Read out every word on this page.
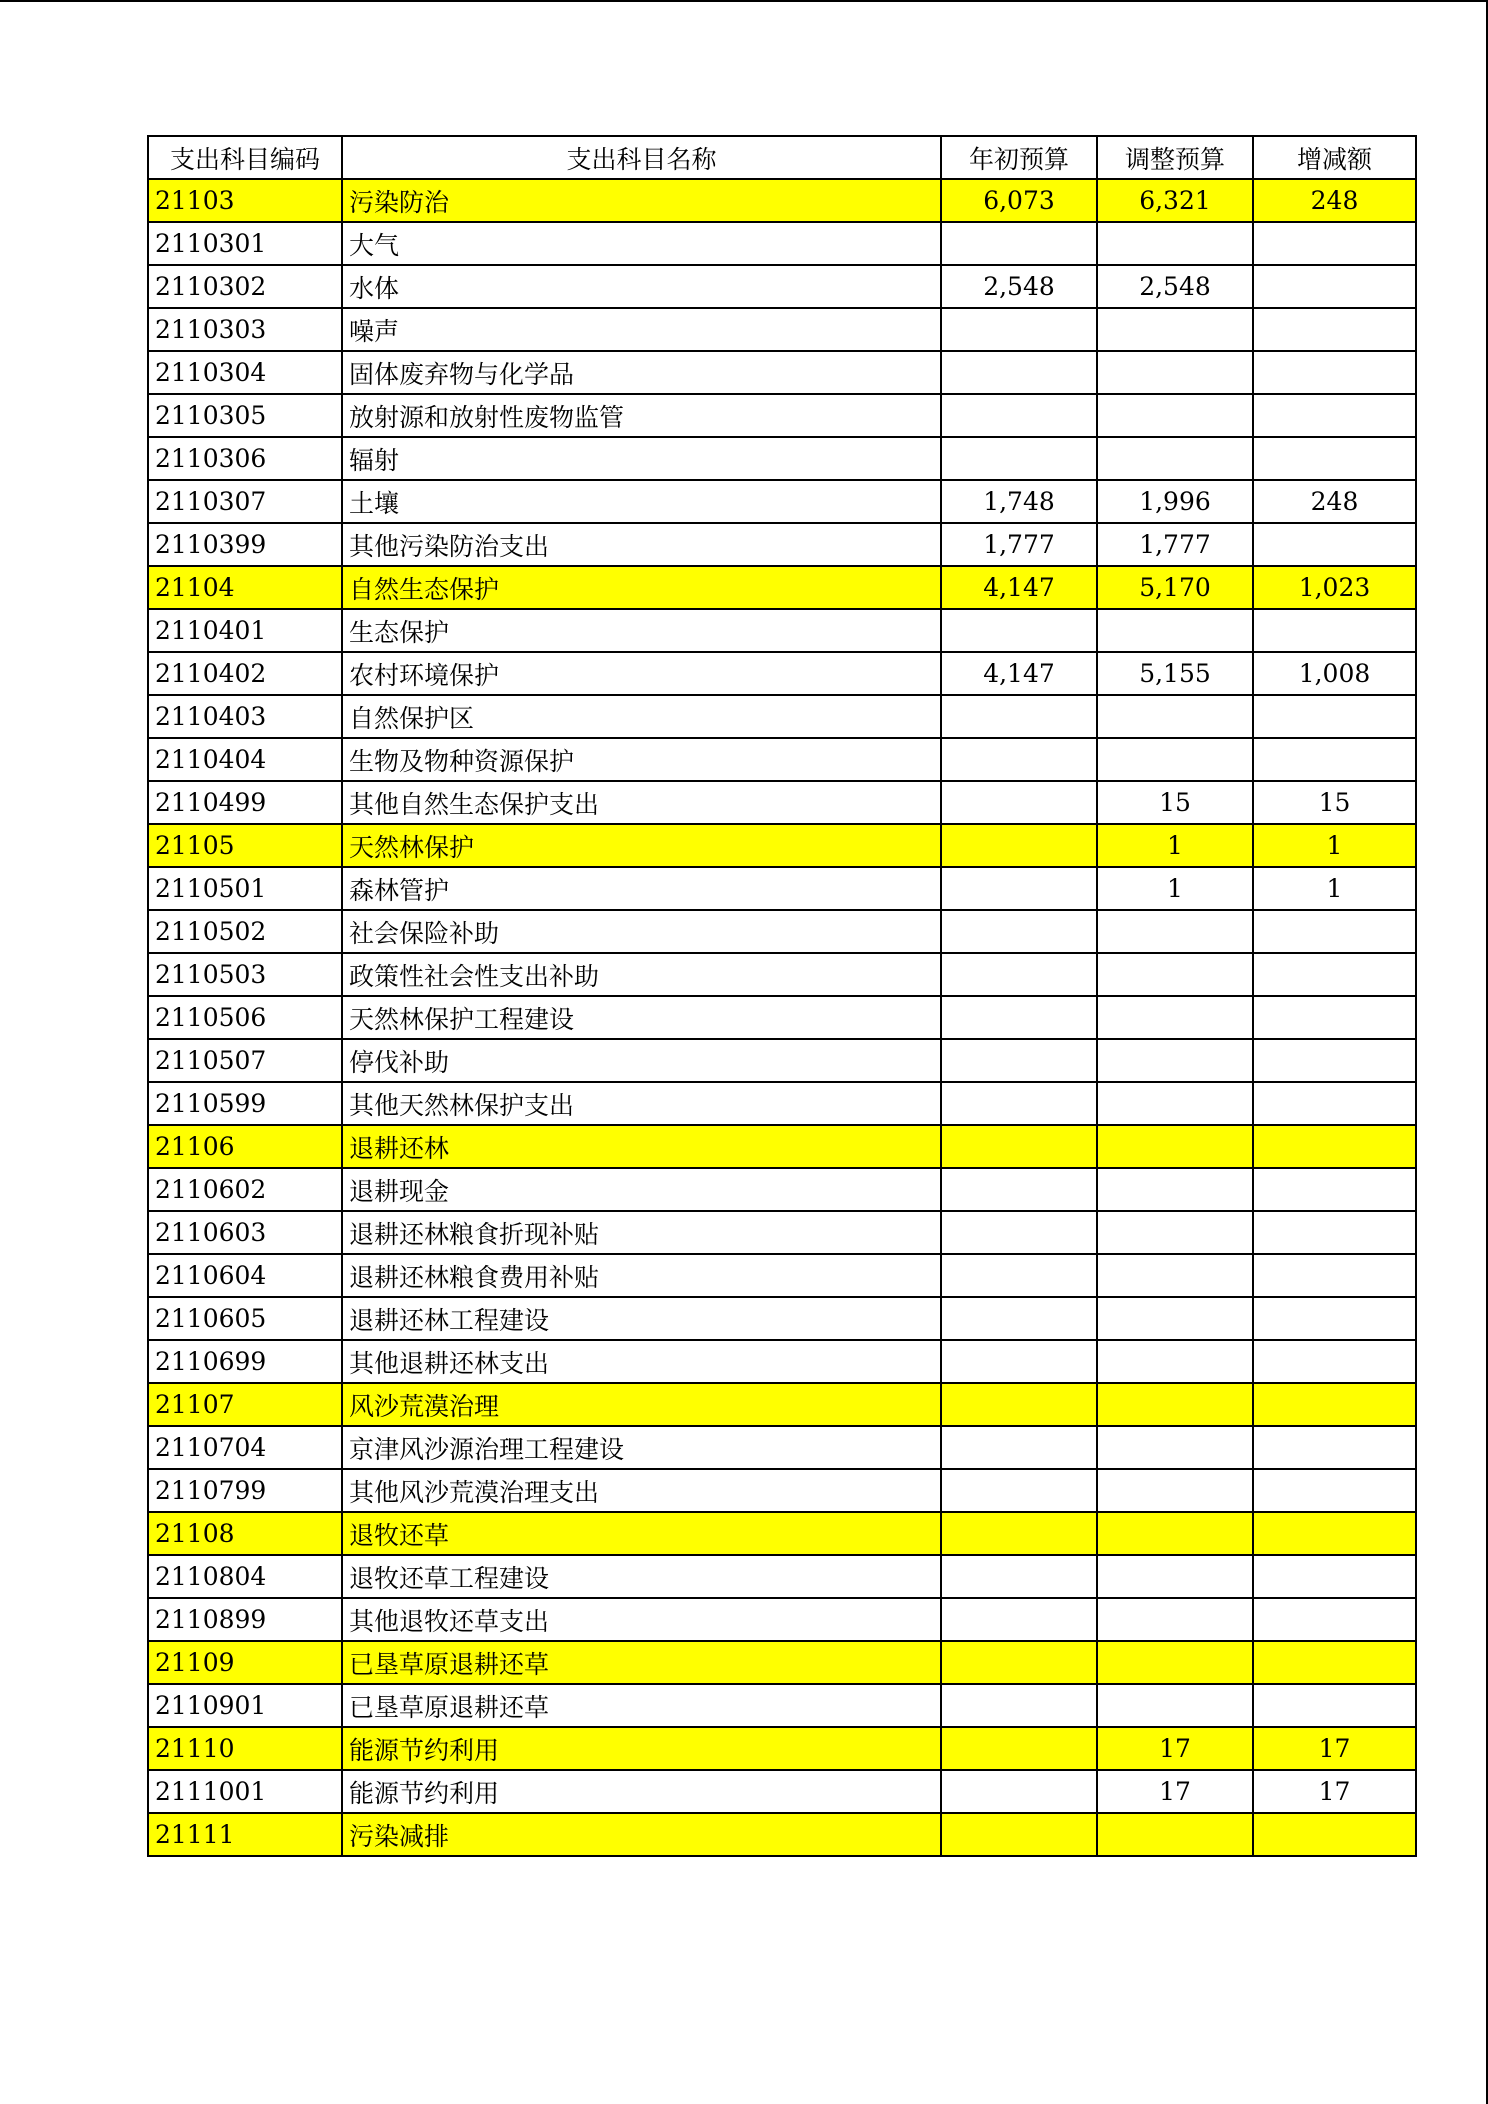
支出科目编码	支出科目名称	年初预算	调整预算	增减额
21103	污染防治	6,073	6,321	248
2110301	大气			
2110302	水体	2,548	2,548	
2110303	噪声			
2110304	固体废弃物与化学品			
2110305	放射源和放射性废物监管			
2110306	辐射			
2110307	土壤	1,748	1,996	248
2110399	其他污染防治支出	1,777	1,777	
21104	自然生态保护	4,147	5,170	1,023
2110401	生态保护			
2110402	农村环境保护	4,147	5,155	1,008
2110403	自然保护区			
2110404	生物及物种资源保护			
2110499	其他自然生态保护支出		15	15
21105	天然林保护		1	1
2110501	森林管护		1	1
2110502	社会保险补助			
2110503	政策性社会性支出补助			
2110506	天然林保护工程建设			
2110507	停伐补助			
2110599	其他天然林保护支出			
21106	退耕还林			
2110602	退耕现金			
2110603	退耕还林粮食折现补贴			
2110604	退耕还林粮食费用补贴			
2110605	退耕还林工程建设			
2110699	其他退耕还林支出			
21107	风沙荒漠治理			
2110704	京津风沙源治理工程建设			
2110799	其他风沙荒漠治理支出			
21108	退牧还草			
2110804	退牧还草工程建设			
2110899	其他退牧还草支出			
21109	已垦草原退耕还草			
2110901	已垦草原退耕还草			
21110	能源节约利用		17	17
2111001	能源节约利用		17	17
21111	污染减排			
